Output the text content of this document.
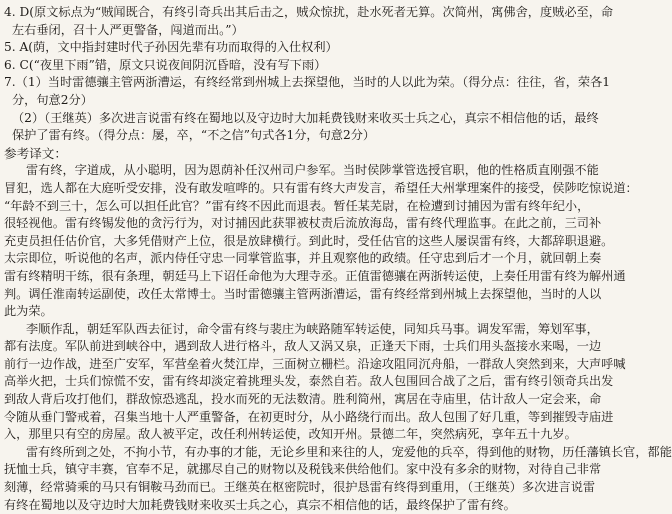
4. D(原文标点为“贼闻既合，有终引奇兵出其后击之，贼众惊扰，赴水死者无算。次简州，寓佛舍，度贼必至，命
左右垂闭，召十人严更警备，闯道而出。”）
5. A(荫，文中指封建时代子孙因先辈有功而取得的入仕权利）
6. C(“夜里下雨”错，原文只说夜间阴沉昏暗，没有写下雨）
7.（1）当时雷德骧主管两浙漕运，有终经常到州城上去探望他，当时的人以此为荣。（得分点：往往，省，荣各1
分，句意2分）
（2）（王继英）多次进言说雷有终在蜀地以及守边时大加耗费钱财来收买士兵之心，真宗不相信他的话，最终
保护了雷有终。（得分点：屡，卒，“不之信”句式各1分，句意2分）
参考译文：
雷有终，字道成，从小聪明，因为恩荫补任汉州司户参军。当时侯陟掌管选授官职，他的性格质直刚强不能
冒犯，选人都在大庭听受安排，没有敢发喧哗的。只有雷有终大声发言，希望任大州掌理案件的接受，侯陟吃惊说道：
“年龄不到三十，怎么可以担任此官？”雷有终不因此而退表。暂任某芜尉，在检遭到讨捕因为雷有终年纪小，
很轻视他。雷有终锡发他的贪污行为，对讨捕因此获罪被杖责后流放海岛，雷有终代理监事。在此之前，三司补
充吏员担任估价官，大多凭借财产上位，很是放肆横行。到此时，受任估官的这些人屡误雷有终，大都辞职退避。
太宗即位，听说他的名声，派内侍任守忠一同掌管监事，并且观察他的政绩。任守忠到后才一个月，就回朝上奏
雷有终精明干练，很有条理，朝廷马上下诏任命他为大理寺丞。正值雷德骧在两浙转运使，上奏任用雷有终为解州通
判。调任淮南转运副使，改任太常博士。当时雷德骧主管两浙漕运，雷有终经常到州城上去探望他，当时的人以
此为荣。
李顺作乱，朝廷军队西去征讨，命令雷有终与裴庄为峡路随军转运使，同知兵马事。调发军需，筹划军事，
都有法度。军队前进到峡谷中，遇到敌人进行格斗，敌人又涡又泉，正逢天下雨，士兵们用头盔接水来喝，一边
前行一边作战，进至广安军，军营垒着火焚江岸，三面树立栅栏。沿途攻阻同沉舟船，一群敌人突然到来，大声呼喊
高举火把，士兵们惊慌不安，雷有终却淡定着挑理头发，泰然自若。敌人包围回合战了之后，雷有终引领奇兵出发
到敌人背后攻打他们，群敌惊恐逃乱，投水而死的无法数清。胜利简州，寓居在寺庙里，估计敌人一定会来，命
令随从垂门警戒着，召集当地十人严重警备，在初更时分，从小路绕行而出。敌人包围了好几重，等到摧毁寺庙进
入，那里只有空的房屋。敌人被平定，改任利州转运使，改知开州。景德二年，突然病死，享年五十九岁。
雷有终所到之处，不拘小节，有办事的才能，无论乡里和来往的人，宠爱他的兵卒，得到他的财物，历任藩镇长官，都能
抚恤士兵，镇守丰赛，官奉不足，就挪尽自己的财物以及税钱来供给他们。家中没有多余的财物，对待自己非常
刻薄，经常骑乘的马只有铜鞍马劲而已。王继英在枢密院时，很护恳雷有终得到重用，（王继英）多次进言说雷
有终在蜀地以及守边时大加耗费钱财来收买士兵之心，真宗不相信他的话，最终保护了雷有终。
